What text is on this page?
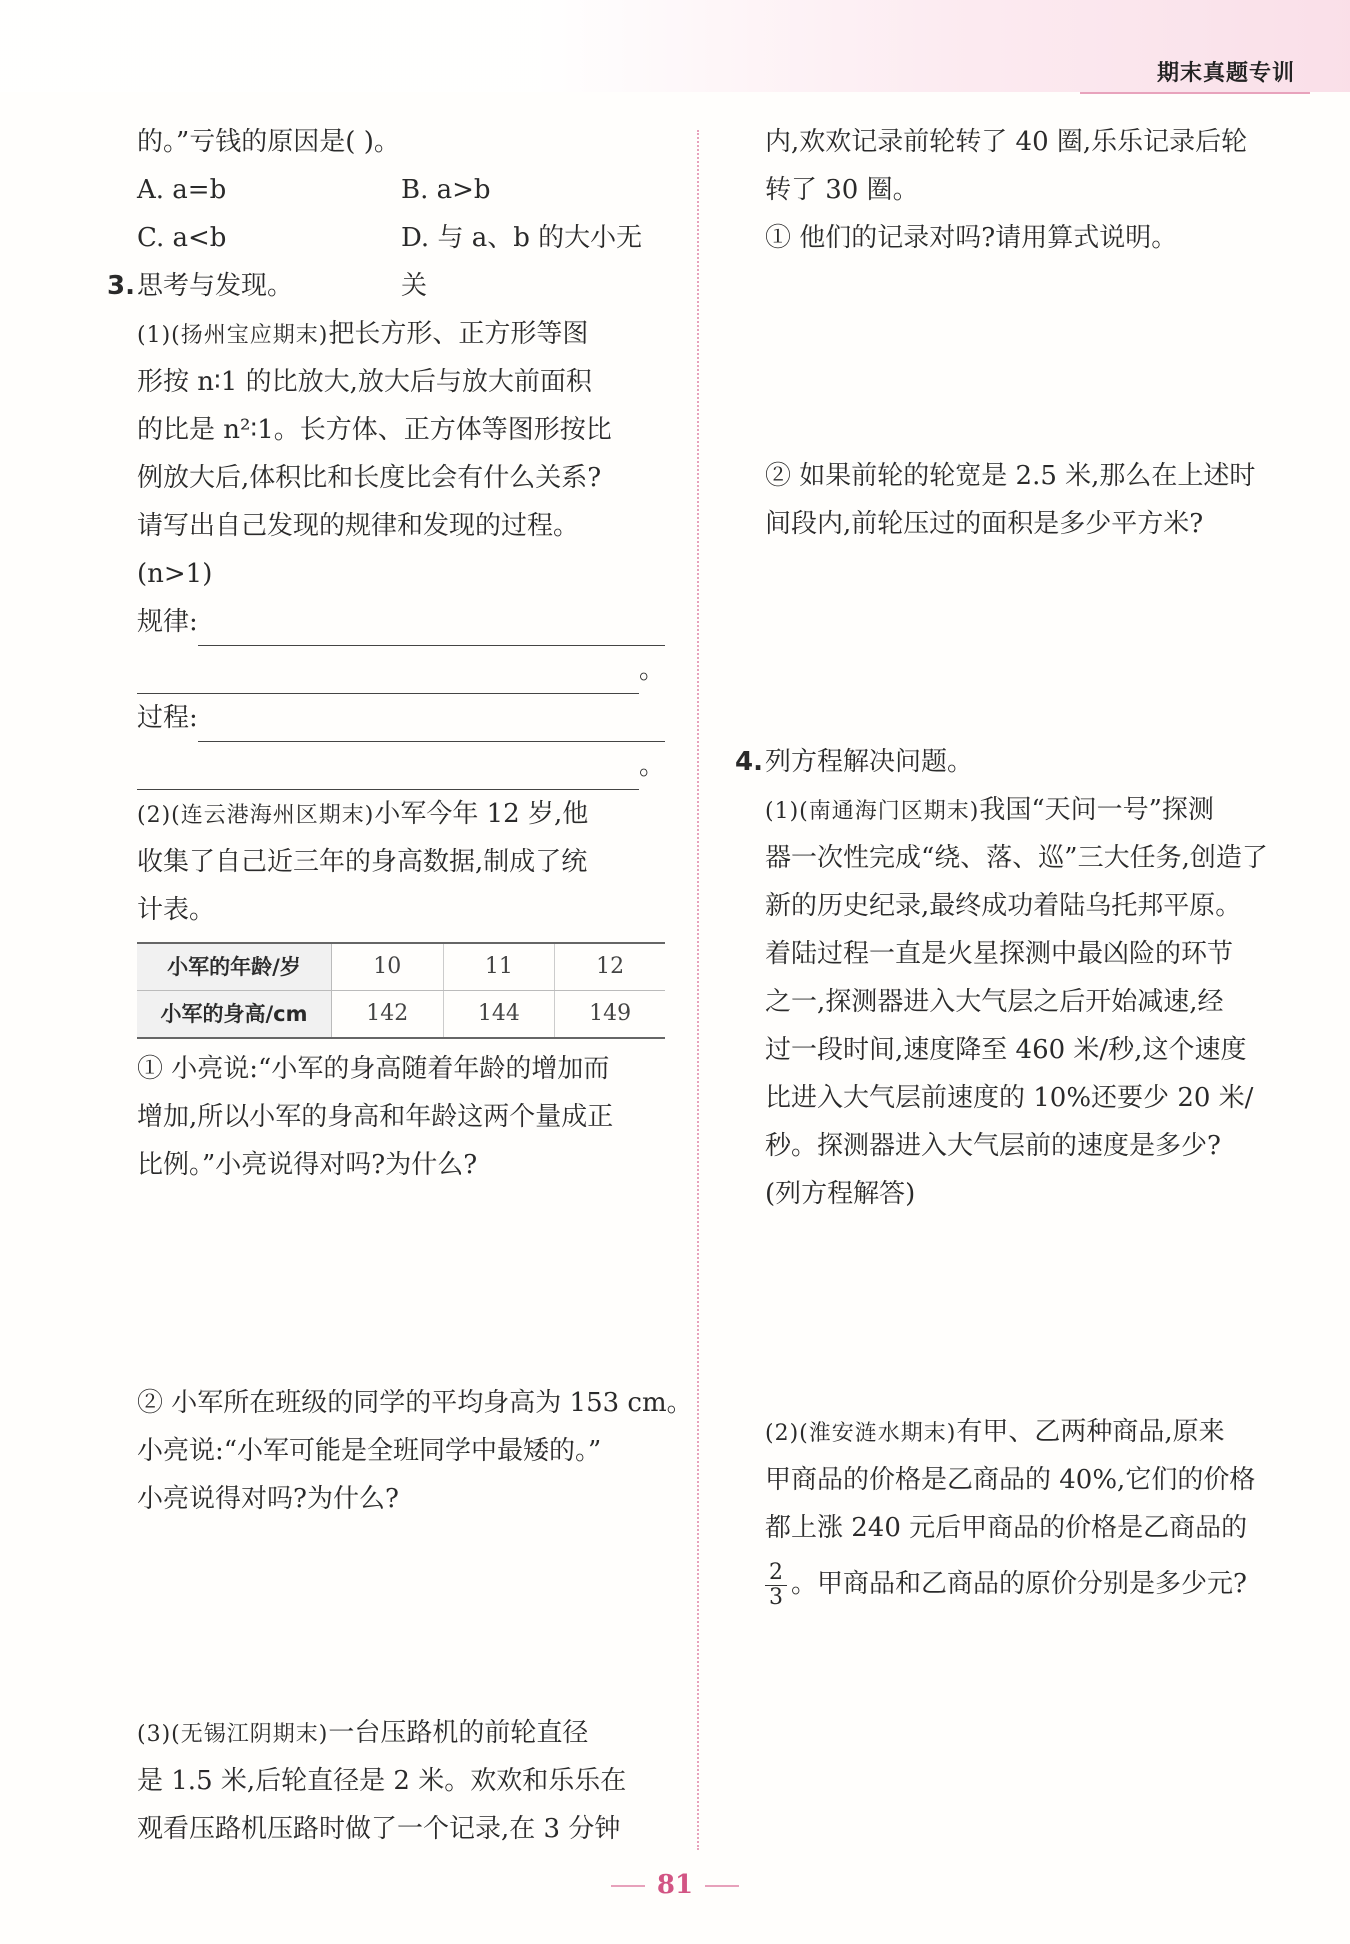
期末真题专训
的。”亏钱的原因是( )。
A. a=b	B. a>b
C. a<b	D. 与 a、b 的大小无关
3.思考与发现。
(1)(扬州宝应期末)把长方形、正方形等图
形按 n∶1 的比放大,放大后与放大前面积
的比是 n²∶1。长方体、正方体等图形按比
例放大后,体积比和长度比会有什么关系?
请写出自己发现的规律和发现的过程。
(n>1)
规律:
。
过程:
。
(2)(连云港海州区期末)小军今年 12 岁,他
收集了自己近三年的身高数据,制成了统
计表。
小军的年龄/岁	10	11	12
小军的身高/cm	142	144	149
① 小亮说:“小军的身高随着年龄的增加而
增加,所以小军的身高和年龄这两个量成正
比例。”小亮说得对吗?为什么?
② 小军所在班级的同学的平均身高为 153 cm。
小亮说:“小军可能是全班同学中最矮的。”
小亮说得对吗?为什么?
(3)(无锡江阴期末)一台压路机的前轮直径
是 1.5 米,后轮直径是 2 米。欢欢和乐乐在
观看压路机压路时做了一个记录,在 3 分钟
内,欢欢记录前轮转了 40 圈,乐乐记录后轮
转了 30 圈。
① 他们的记录对吗?请用算式说明。
② 如果前轮的轮宽是 2.5 米,那么在上述时
间段内,前轮压过的面积是多少平方米?
4.列方程解决问题。
(1)(南通海门区期末)我国“天问一号”探测
器一次性完成“绕、落、巡”三大任务,创造了
新的历史纪录,最终成功着陆乌托邦平原。
着陆过程一直是火星探测中最凶险的环节
之一,探测器进入大气层之后开始减速,经
过一段时间,速度降至 460 米/秒,这个速度
比进入大气层前速度的 10%还要少 20 米/
秒。探测器进入大气层前的速度是多少?
(列方程解答)
(2)(淮安涟水期末)有甲、乙两种商品,原来
甲商品的价格是乙商品的 40%,它们的价格
都上涨 240 元后甲商品的价格是乙商品的
$\frac{2}{3}$ 。甲商品和乙商品的原价分别是多少元?
81
